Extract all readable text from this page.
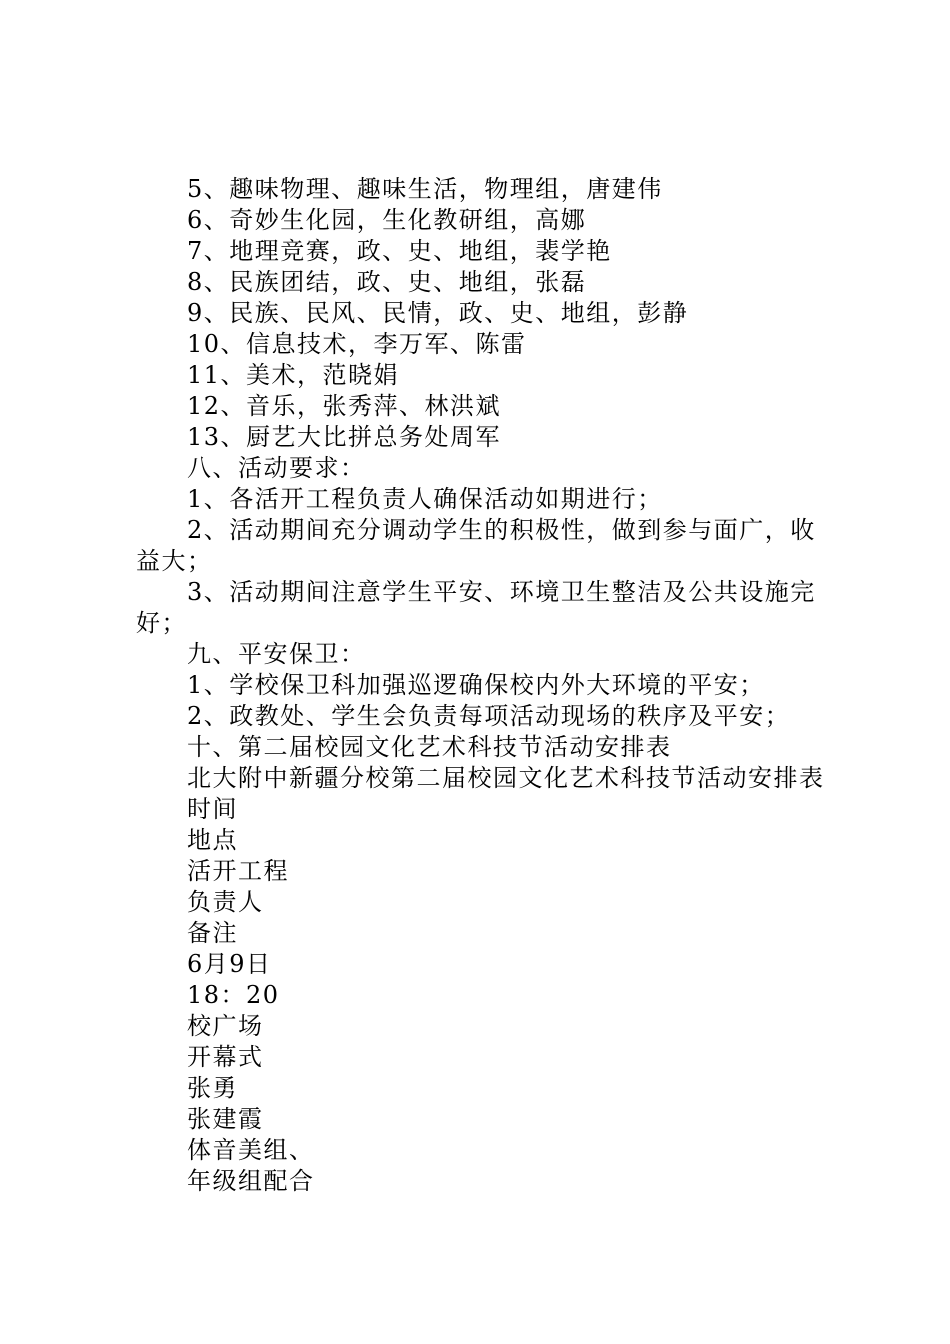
5、趣味物理、趣味生活，物理组，唐建伟
6、奇妙生化园，生化教研组，高娜
7、地理竞赛，政、史、地组，裴学艳
8、民族团结，政、史、地组，张磊
9、民族、民风、民情，政、史、地组，彭静
10、信息技术，李万军、陈雷
11、美术，范晓娟
12、音乐，张秀萍、林洪斌
13、厨艺大比拼总务处周军
八、活动要求：
1、各活开工程负责人确保活动如期进行；
2、活动期间充分调动学生的积极性，做到参与面广，收益大；
3、活动期间注意学生平安、环境卫生整洁及公共设施完好；
九、平安保卫：
1、学校保卫科加强巡逻确保校内外大环境的平安；
2、政教处、学生会负责每项活动现场的秩序及平安；
十、第二届校园文化艺术科技节活动安排表
北大附中新疆分校第二届校园文化艺术科技节活动安排表
时间
地点
活开工程
负责人
备注
6月9日
18：20
校广场
开幕式
张勇
张建霞
体音美组、
年级组配合
